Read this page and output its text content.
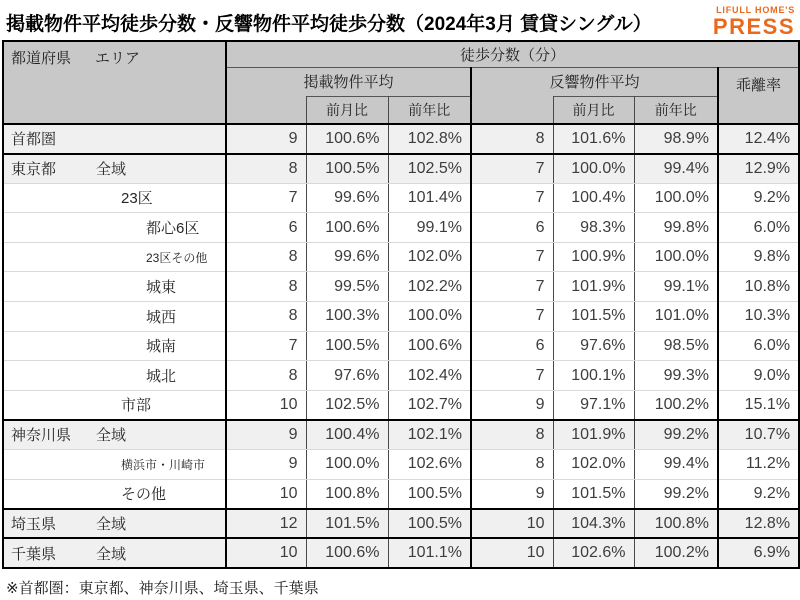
掲載物件平均徒歩分数・反響物件平均徒歩分数（2024年3月 賃貸シングル）
LIFULL HOME'S
PRESS
都道府県 エリア	徒歩分数（分）						
	掲載物件平均			反響物件平均			乖離率
		前月比	前年比		前月比	前年比	
首都圏	9	100.6%	102.8%	8	101.6%	98.9%	12.4%
東京都 全域	8	100.5%	102.5%	7	100.0%	99.4%	12.9%
23区	7	99.6%	101.4%	7	100.4%	100.0%	9.2%
都心6区	6	100.6%	99.1%	6	98.3%	99.8%	6.0%
23区その他	8	99.6%	102.0%	7	100.9%	100.0%	9.8%
城東	8	99.5%	102.2%	7	101.9%	99.1%	10.8%
城西	8	100.3%	100.0%	7	101.5%	101.0%	10.3%
城南	7	100.5%	100.6%	6	97.6%	98.5%	6.0%
城北	8	97.6%	102.4%	7	100.1%	99.3%	9.0%
市部	10	102.5%	102.7%	9	97.1%	100.2%	15.1%
神奈川県 全域	9	100.4%	102.1%	8	101.9%	99.2%	10.7%
横浜市・川崎市	9	100.0%	102.6%	8	102.0%	99.4%	11.2%
その他	10	100.8%	100.5%	9	101.5%	99.2%	9.2%
埼玉県 全域	12	101.5%	100.5%	10	104.3%	100.8%	12.8%
千葉県 全域	10	100.6%	101.1%	10	102.6%	100.2%	6.9%
※首都圏：東京都、神奈川県、埼玉県、千葉県
